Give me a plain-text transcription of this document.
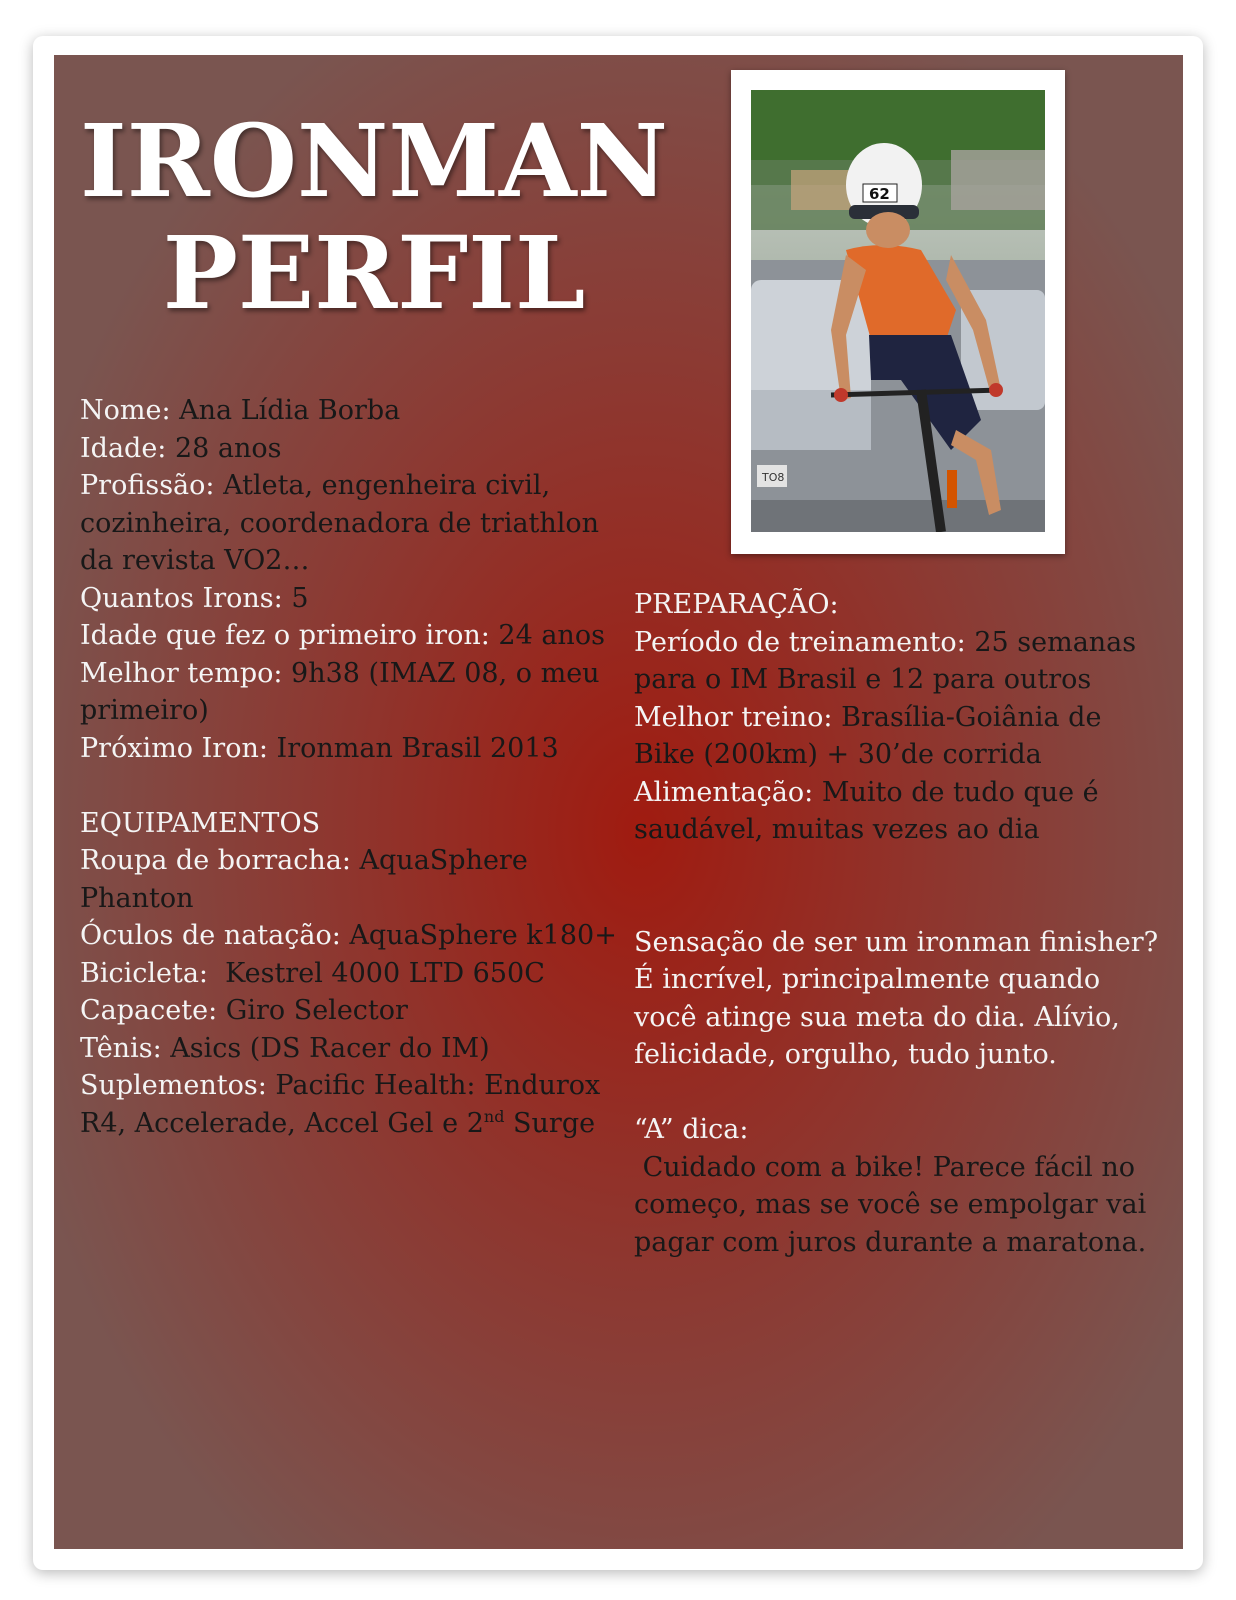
IRONMAN
PERFIL
TO8
62

Nome: Ana Lídia Borba

Idade: 28 anos

Profissão: Atleta, engenheira civil, cozinheira, coordenadora de triathlon da revista VO2…

Quantos Irons: 5

Idade que fez o primeiro iron: 24 anos

Melhor tempo: 9h38 (IMAZ 08, o meu primeiro)

Próximo Iron: Ironman Brasil 2013

EQUIPAMENTOS

Roupa de borracha: AquaSphere Phanton

Óculos de natação: AquaSphere k180+

Bicicleta:  Kestrel 4000 LTD 650C

Capacete: Giro Selector

Tênis: Asics (DS Racer do IM)

Suplementos: Pacific Health: Endurox R4, Accelerade, Accel Gel e 2nd Surge

PREPARAÇÃO:

Período de treinamento: 25 semanas para o IM Brasil e 12 para outros

Melhor treino: Brasília-Goiânia de Bike (200km) + 30’de corrida

Alimentação: Muito de tudo que é saudável, muitas vezes ao dia

Sensação de ser um ironman finisher?

É incrível, principalmente quando você atinge sua meta do dia. Alívio, felicidade, orgulho, tudo junto.

“A” dica:

Cuidado com a bike! Parece fácil no começo, mas se você se empolgar vai pagar com juros durante a maratona.
